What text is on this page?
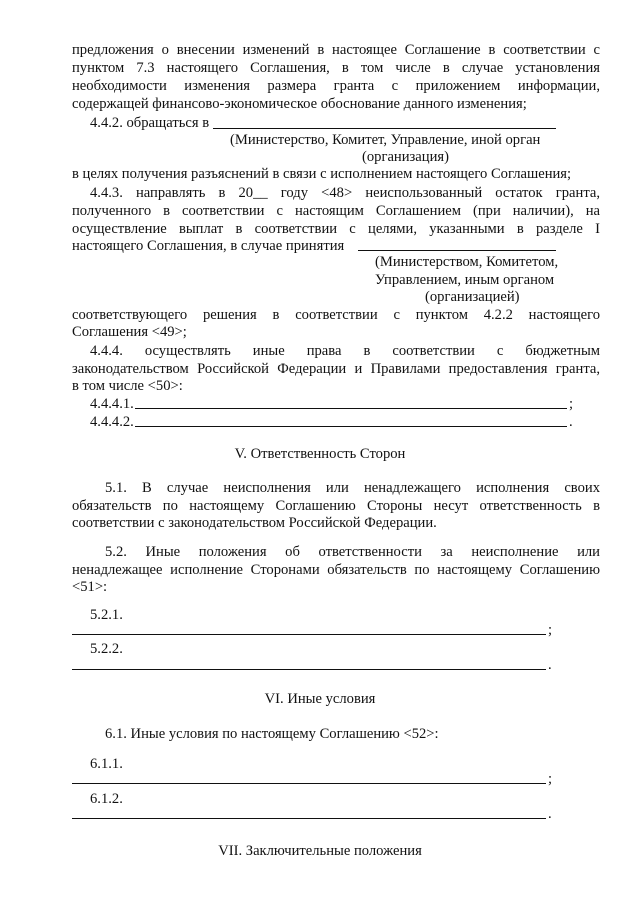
предложения о внесении изменений в настоящее Соглашение в соответствии с
пунктом 7.3 настоящего Соглашения, в том числе в случае установления
необходимости изменения размера гранта с приложением информации,
содержащей финансово-экономическое обоснование данного изменения;
4.4.2. обращаться в
(Министерство, Комитет, Управление, иной орган
(организация)
в целях получения разъяснений в связи с исполнением настоящего Соглашения;
4.4.3. направлять в 20__ году <48> неиспользованный остаток гранта,
полученного в соответствии с настоящим Соглашением (при наличии), на
осуществление выплат в соответствии с целями, указанными в разделе I
настоящего Соглашения, в случае принятия
(Министерством, Комитетом,
Управлением, иным органом
(организацией)
соответствующего решения в соответствии с пунктом 4.2.2 настоящего
Соглашения <49>;
4.4.4. осуществлять иные права в соответствии с бюджетным
законодательством Российской Федерации и Правилами предоставления гранта,
в том числе <50>:
4.4.4.1.	;
4.4.4.2.	.
V. Ответственность Сторон
5.1. В случае неисполнения или ненадлежащего исполнения своих
обязательств по настоящему Соглашению Стороны несут ответственность в
соответствии с законодательством Российской Федерации.
5.2. Иные положения об ответственности за неисполнение или
ненадлежащее исполнение Сторонами обязательств по настоящему Соглашению
<51>:
5.2.1.
;
5.2.2.
.
VI. Иные условия
6.1. Иные условия по настоящему Соглашению <52>:
6.1.1.
;
6.1.2.
.
VII. Заключительные положения
